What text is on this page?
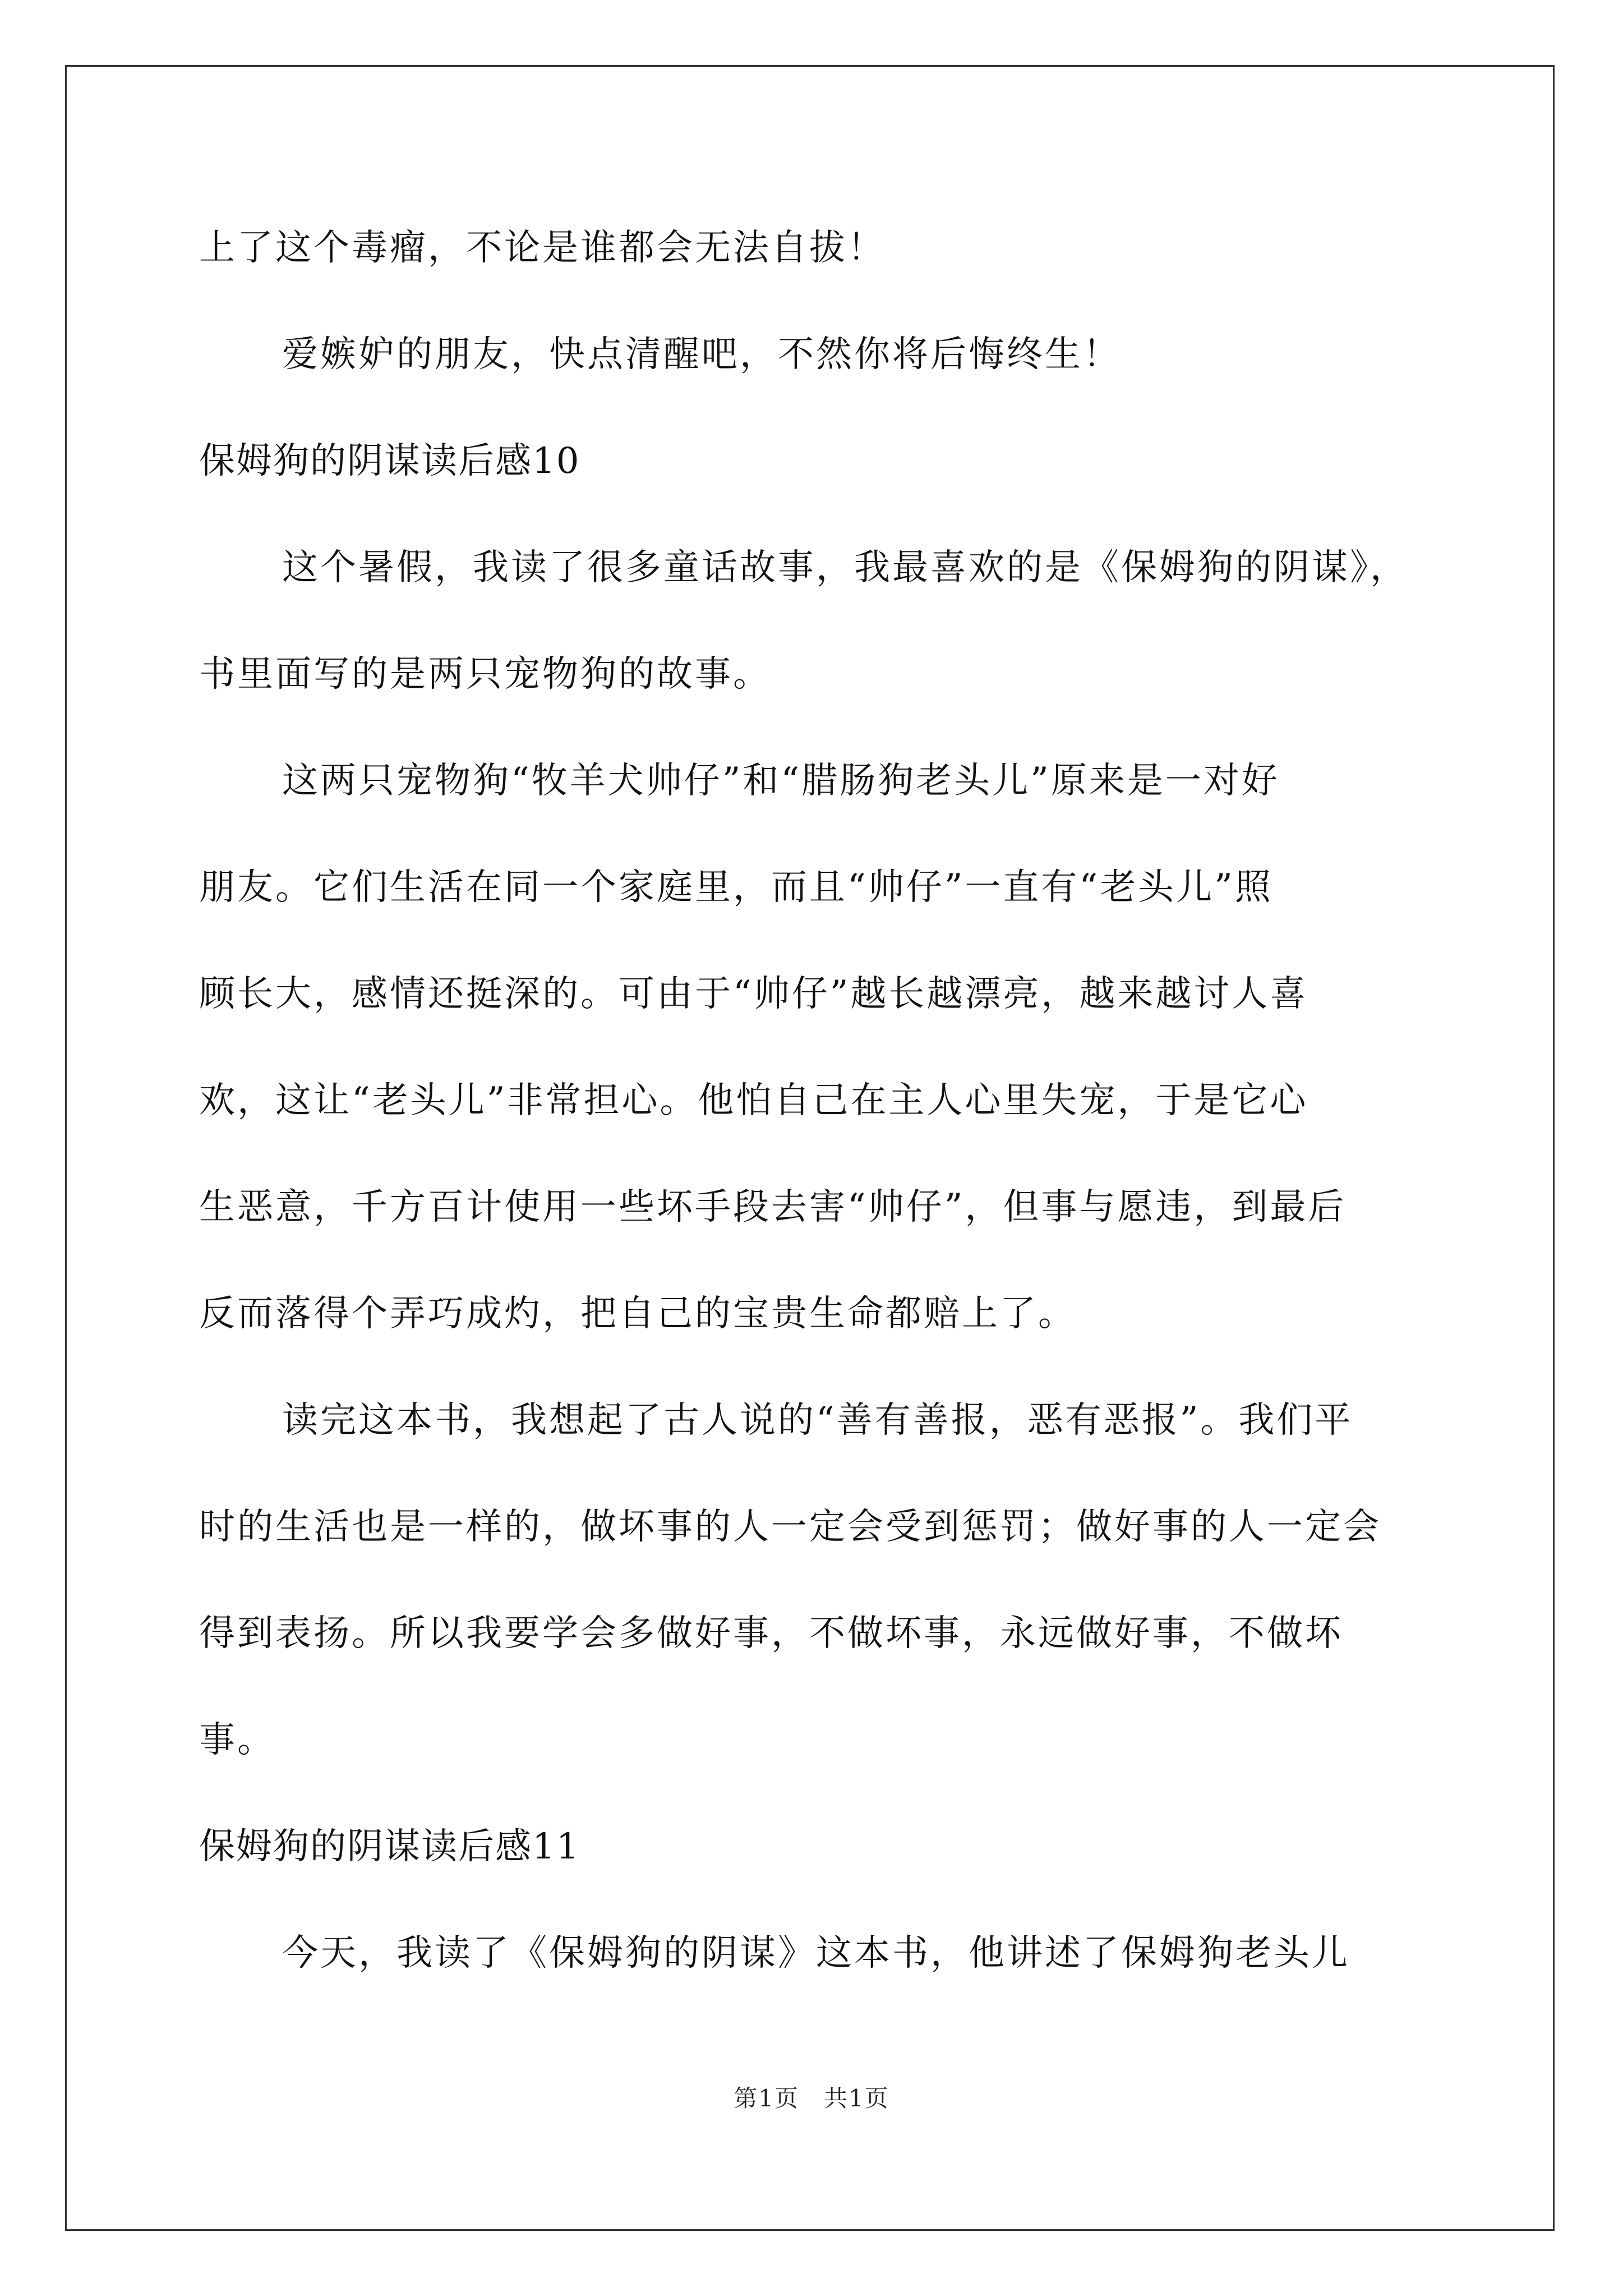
上了这个毒瘤，不论是谁都会无法自拔！
爱嫉妒的朋友，快点清醒吧，不然你将后悔终生！
保姆狗的阴谋读后感10
这个暑假，我读了很多童话故事，我最喜欢的是《保姆狗的阴谋》，
书里面写的是两只宠物狗的故事。
这两只宠物狗“牧羊犬帅仔”和“腊肠狗老头儿”原来是一对好
朋友。它们生活在同一个家庭里，而且“帅仔”一直有“老头儿”照
顾长大，感情还挺深的。可由于“帅仔”越长越漂亮，越来越讨人喜
欢，这让“老头儿”非常担心。他怕自己在主人心里失宠，于是它心
生恶意，千方百计使用一些坏手段去害“帅仔”，但事与愿违，到最后
反而落得个弄巧成灼，把自己的宝贵生命都赔上了。
读完这本书，我想起了古人说的“善有善报，恶有恶报”。我们平
时的生活也是一样的，做坏事的人一定会受到惩罚；做好事的人一定会
得到表扬。所以我要学会多做好事，不做坏事，永远做好事，不做坏
事。
保姆狗的阴谋读后感11
今天，我读了《保姆狗的阴谋》这本书，他讲述了保姆狗老头儿
第1页　共1页
